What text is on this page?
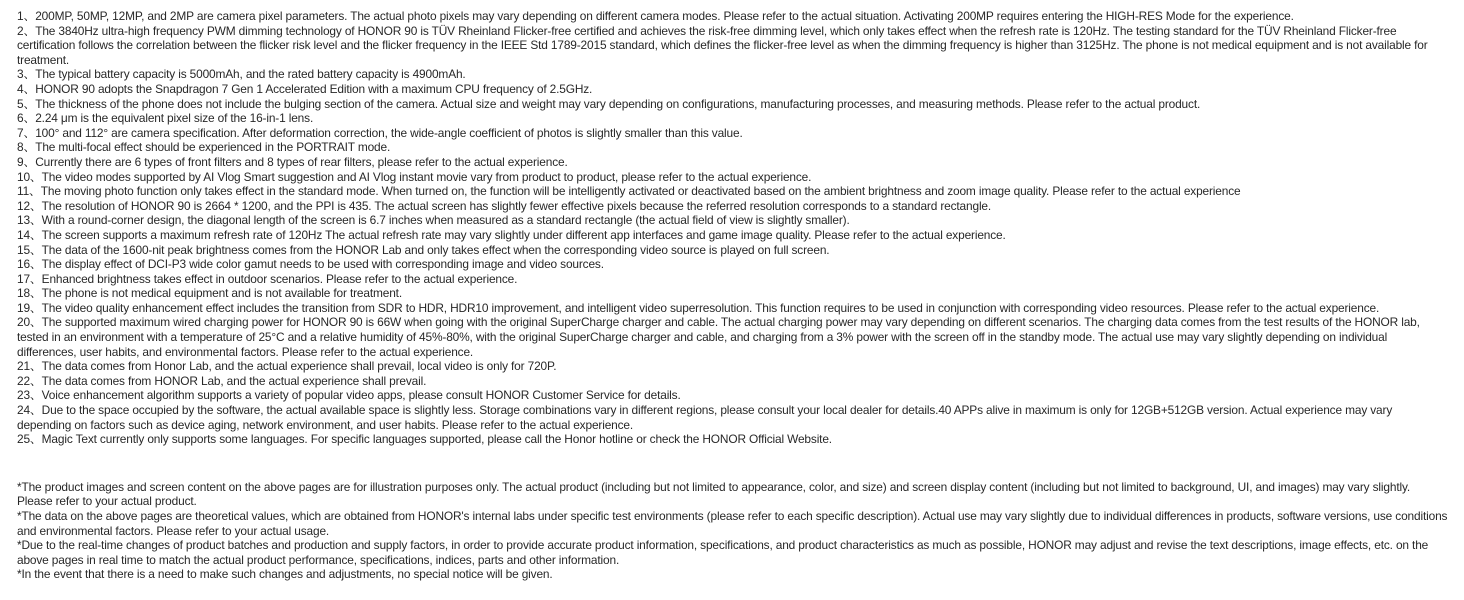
1、200MP, 50MP, 12MP, and 2MP are camera pixel parameters. The actual photo pixels may vary depending on different camera modes. Please refer to the actual situation. Activating 200MP requires entering the HIGH-RES Mode for the experience.

2、The 3840Hz ultra-high frequency PWM dimming technology of HONOR 90 is TÜV Rheinland Flicker-free certified and achieves the risk-free dimming level, which only takes effect when the refresh rate is 120Hz. The testing standard for the TÜV Rheinland Flicker-free certification follows the correlation between the flicker risk level and the flicker frequency in the IEEE Std 1789-2015 standard, which defines the flicker-free level as when the dimming frequency is higher than 3125Hz. The phone is not medical equipment and is not available for treatment.

3、The typical battery capacity is 5000mAh, and the rated battery capacity is 4900mAh.

4、HONOR 90 adopts the Snapdragon 7 Gen 1 Accelerated Edition with a maximum CPU frequency of 2.5GHz.

5、The thickness of the phone does not include the bulging section of the camera. Actual size and weight may vary depending on configurations, manufacturing processes, and measuring methods. Please refer to the actual product.

6、2.24 μm is the equivalent pixel size of the 16-in-1 lens.

7、100° and 112° are camera specification. After deformation correction, the wide-angle coefficient of photos is slightly smaller than this value.

8、The multi-focal effect should be experienced in the PORTRAIT mode.

9、Currently there are 6 types of front filters and 8 types of rear filters, please refer to the actual experience.

10、The video modes supported by AI Vlog Smart suggestion and AI Vlog instant movie vary from product to product, please refer to the actual experience.

11、The moving photo function only takes effect in the standard mode. When turned on, the function will be intelligently activated or deactivated based on the ambient brightness and zoom image quality. Please refer to the actual experience

12、The resolution of HONOR 90 is 2664 * 1200, and the PPI is 435. The actual screen has slightly fewer effective pixels because the referred resolution corresponds to a standard rectangle.

13、With a round-corner design, the diagonal length of the screen is 6.7 inches when measured as a standard rectangle (the actual field of view is slightly smaller).

14、The screen supports a maximum refresh rate of 120Hz The actual refresh rate may vary slightly under different app interfaces and game image quality. Please refer to the actual experience.

15、The data of the 1600-nit peak brightness comes from the HONOR Lab and only takes effect when the corresponding video source is played on full screen.

16、The display effect of DCI-P3 wide color gamut needs to be used with corresponding image and video sources.

17、Enhanced brightness takes effect in outdoor scenarios. Please refer to the actual experience.

18、The phone is not medical equipment and is not available for treatment.

19、The video quality enhancement effect includes the transition from SDR to HDR, HDR10 improvement, and intelligent video superresolution. This function requires to be used in conjunction with corresponding video resources. Please refer to the actual experience.

20、The supported maximum wired charging power for HONOR 90 is 66W when going with the original SuperCharge charger and cable. The actual charging power may vary depending on different scenarios. The charging data comes from the test results of the HONOR lab, tested in an environment with a temperature of 25°C and a relative humidity of 45%-80%, with the original SuperCharge charger and cable, and charging from a 3% power with the screen off in the standby mode. The actual use may vary slightly depending on individual differences, user habits, and environmental factors. Please refer to the actual experience.

21、The data comes from Honor Lab, and the actual experience shall prevail, local video is only for 720P.

22、The data comes from HONOR Lab, and the actual experience shall prevail.

23、Voice enhancement algorithm supports a variety of popular video apps, please consult HONOR Customer Service for details.

24、Due to the space occupied by the software, the actual available space is slightly less. Storage combinations vary in different regions, please consult your local dealer for details.40 APPs alive in maximum is only for 12GB+512GB version. Actual experience may vary depending on factors such as device aging, network environment, and user habits. Please refer to the actual experience.

25、Magic Text currently only supports some languages. For specific languages supported, please call the Honor hotline or check the HONOR Official Website.

*The product images and screen content on the above pages are for illustration purposes only. The actual product (including but not limited to appearance, color, and size) and screen display content (including but not limited to background, UI, and images) may vary slightly. Please refer to your actual product.

*The data on the above pages are theoretical values, which are obtained from HONOR's internal labs under specific test environments (please refer to each specific description). Actual use may vary slightly due to individual differences in products, software versions, use conditions and environmental factors. Please refer to your actual usage.

*Due to the real-time changes of product batches and production and supply factors, in order to provide accurate product information, specifications, and product characteristics as much as possible, HONOR may adjust and revise the text descriptions, image effects, etc. on the above pages in real time to match the actual product performance, specifications, indices, parts and other information.

*In the event that there is a need to make such changes and adjustments, no special notice will be given.
